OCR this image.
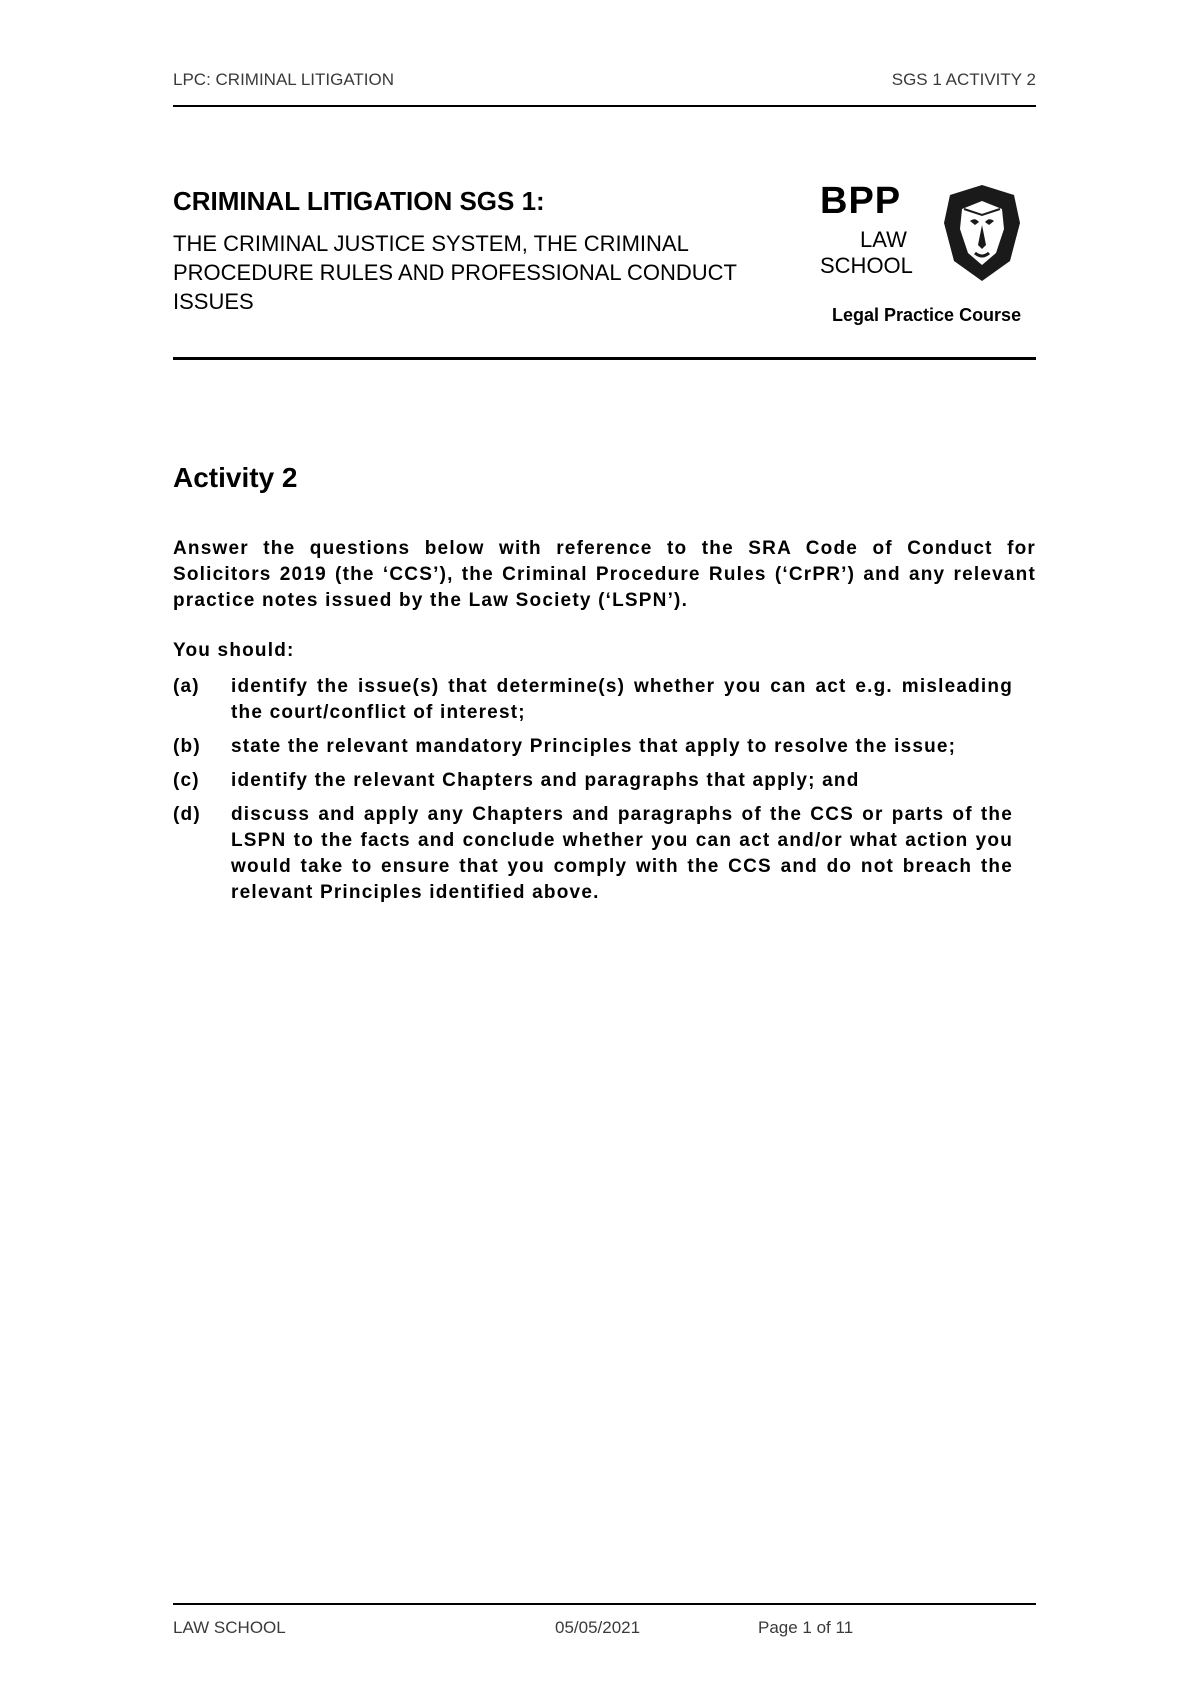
LPC: CRIMINAL LITIGATION	SGS 1 ACTIVITY 2
CRIMINAL LITIGATION SGS 1:
THE CRIMINAL JUSTICE SYSTEM, THE CRIMINAL PROCEDURE RULES AND PROFESSIONAL CONDUCT ISSUES
BPP
LAW
SCHOOL
Legal Practice Course
Activity 2
Answer the questions below with reference to the SRA Code of Conduct for Solicitors 2019 (the ‘CCS’), the Criminal Procedure Rules (‘CrPR’) and any relevant practice notes issued by the Law Society (‘LSPN’).
You should:
(a)	identify the issue(s) that determine(s) whether you can act e.g. misleading the court/conflict of interest;
(b)	state the relevant mandatory Principles that apply to resolve the issue;
(c)	identify the relevant Chapters and paragraphs that apply; and
(d)	discuss and apply any Chapters and paragraphs of the CCS or parts of the LSPN to the facts and conclude whether you can act and/or what action you would take to ensure that you comply with the CCS and do not breach the relevant Principles identified above.
LAW SCHOOL	05/05/2021	Page 1 of 11
